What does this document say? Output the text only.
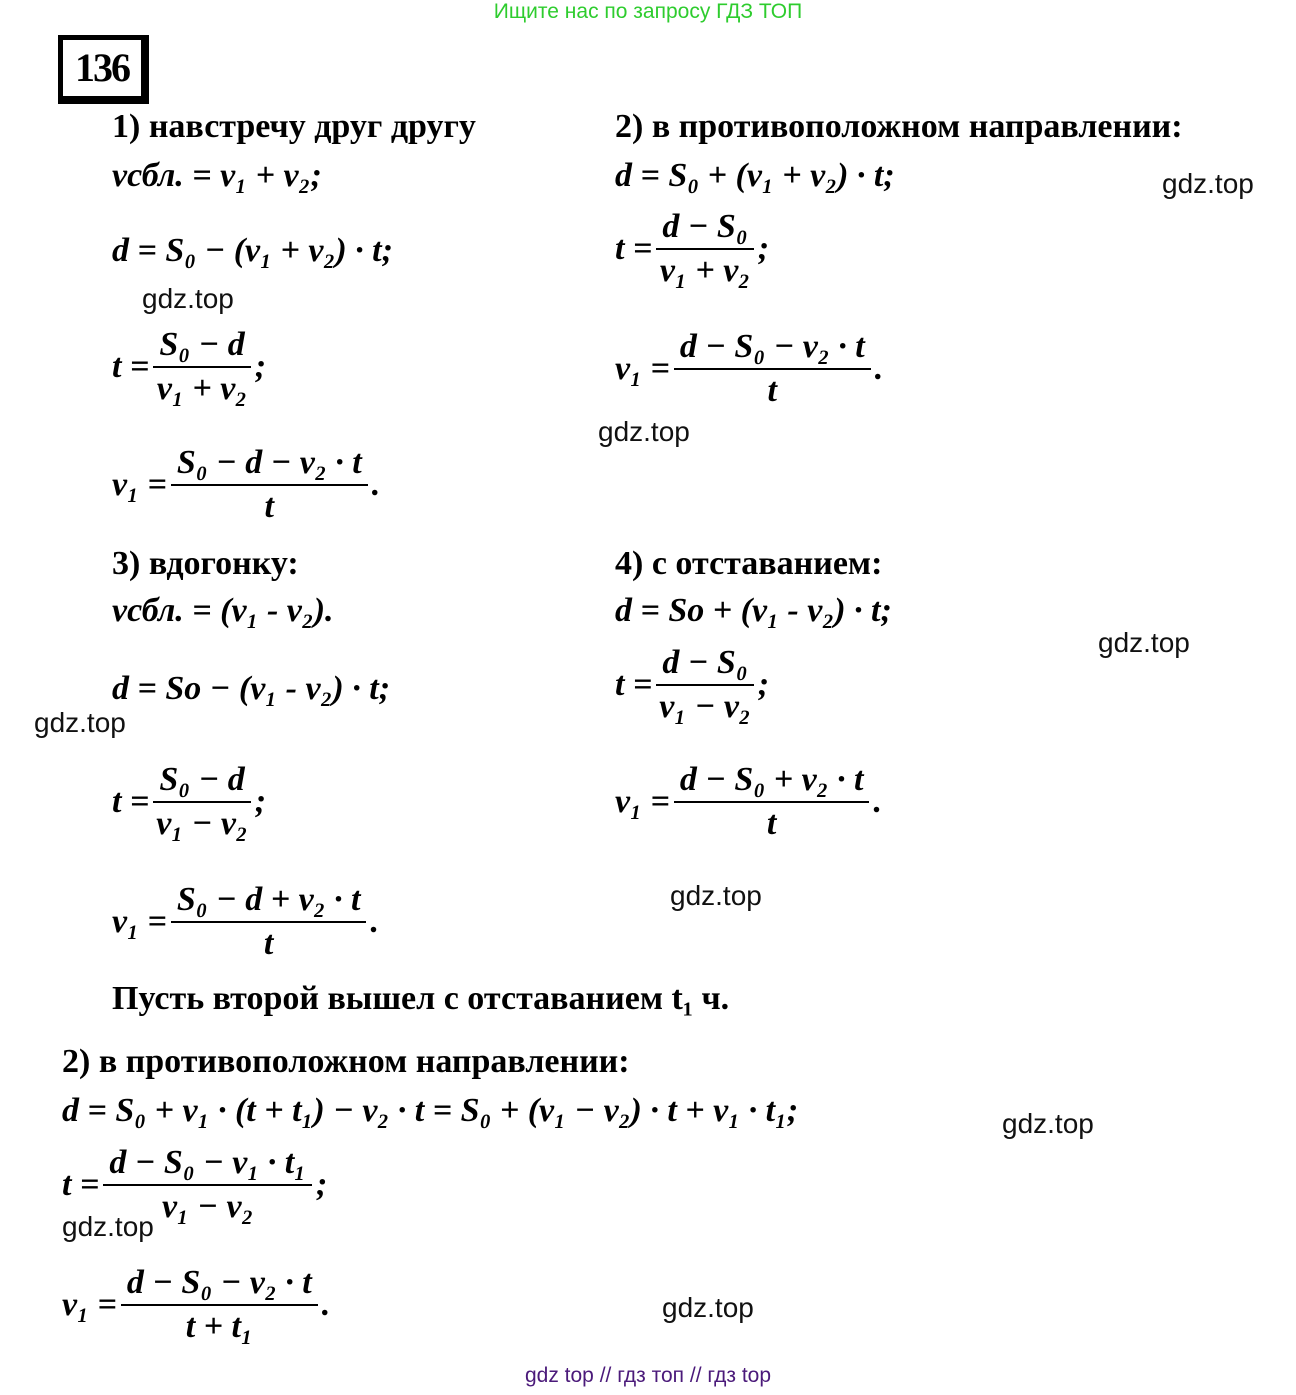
Ищите нас по запросу ГДЗ ТОП
136
1) навстречу друг другу
vсбл. = v₁ + v₂;
d = S₀ − (v₁ + v₂) · t;
$t = \frac{\text{S₀ − d}}{\text{v₁ + v₂}}$ ;
$v_1 = \frac{\text{S₀ − d − v₂ · t}}{t}$ .
2) в противоположном направлении:
d = S₀ + (v₁ + v₂) · t;
$t = \frac{\text{d − S₀}}{\text{v₁ + v₂}}$ ;
$v_1 = \frac{\text{d − S₀ − v₂ · t}}{t}$ .
3) вдогонку:
vсбл. = (v₁ - v₂).
d = So − (v₁ - v₂) · t;
$t = \frac{\text{S₀ − d}}{\text{v₁ − v₂}}$ ;
$v_1 = \frac{\text{S₀ − d + v₂ · t}}{t}$ .
4) с отставанием:
d = So + (v₁ - v₂) · t;
$t = \frac{\text{d − S₀}}{\text{v₁ − v₂}}$ ;
$v_1 = \frac{\text{d − S₀ + v₂ · t}}{t}$ .
Пусть второй вышел с отставанием t₁ ч.
2) в противоположном направлении:
d = S₀ + v₁ · (t + t₁) − v₂ · t = S₀ + (v₁ − v₂) · t + v₁ · t₁;
$t = \frac{\text{d − S₀ − v₁ · t₁}}{\text{v₁ − v₂}}$ ;
$v_1 = \frac{\text{d − S₀ − v₂ · t}}{\text{t + t₁}}$ .
gdz.top
gdz.top
gdz.top
gdz.top
gdz.top
gdz.top
gdz.top
gdz.top
gdz.top
gdz top // гдз топ // гдз top
